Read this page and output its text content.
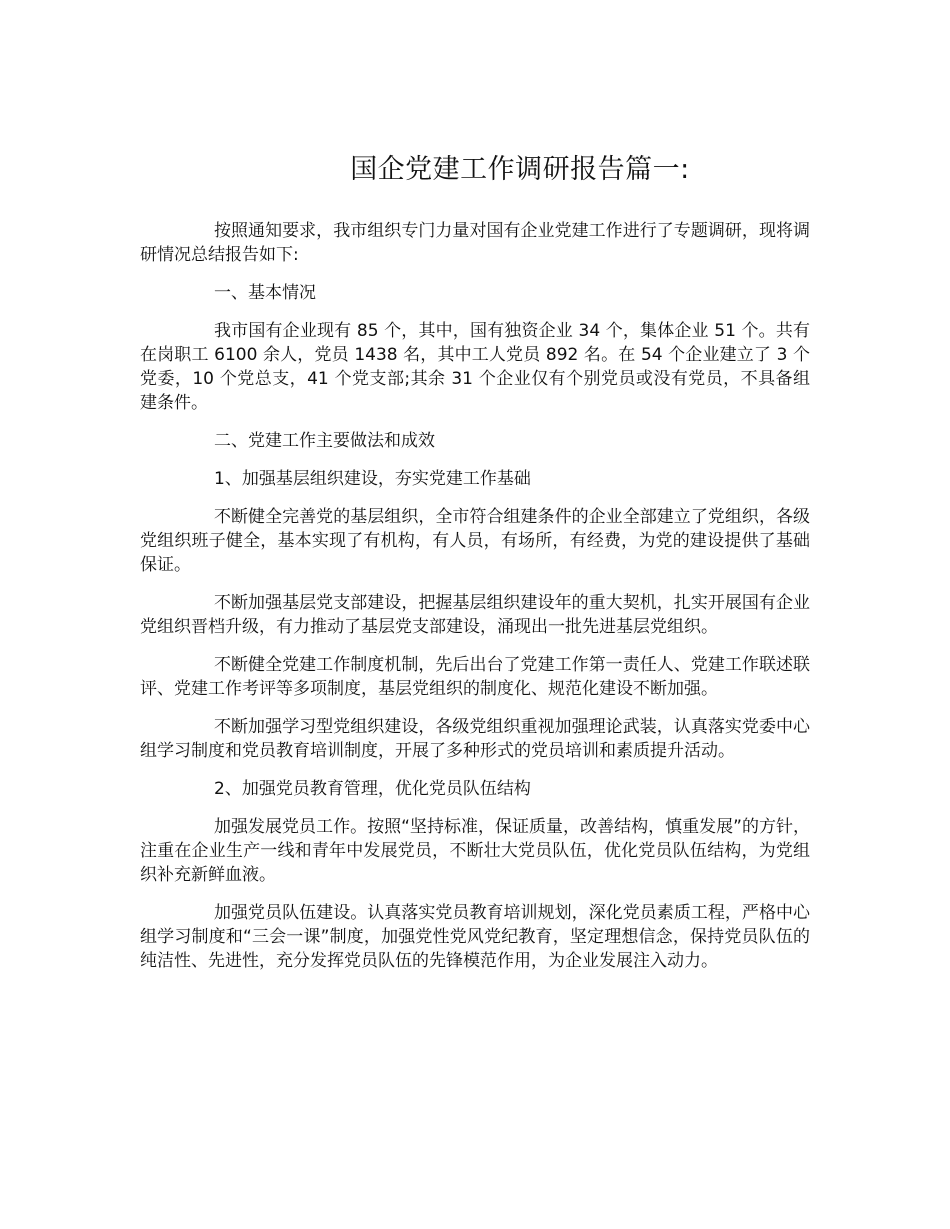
国企党建工作调研报告篇一:

按照通知要求，我市组织专门力量对国有企业党建工作进行了专题调研，现将调研情况总结报告如下:

一、基本情况

我市国有企业现有 85 个，其中，国有独资企业 34 个，集体企业 51 个。共有在岗职工 6100 余人，党员 1438 名，其中工人党员 892 名。在 54 个企业建立了 3 个党委，10 个党总支，41 个党支部;其余 31 个企业仅有个别党员或没有党员，不具备组建条件。

二、党建工作主要做法和成效

1、加强基层组织建设，夯实党建工作基础

不断健全完善党的基层组织，全市符合组建条件的企业全部建立了党组织，各级党组织班子健全，基本实现了有机构，有人员，有场所，有经费，为党的建设提供了基础保证。

不断加强基层党支部建设，把握基层组织建设年的重大契机，扎实开展国有企业党组织晋档升级，有力推动了基层党支部建设，涌现出一批先进基层党组织。

不断健全党建工作制度机制，先后出台了党建工作第一责任人、党建工作联述联评、党建工作考评等多项制度，基层党组织的制度化、规范化建设不断加强。

不断加强学习型党组织建设，各级党组织重视加强理论武装，认真落实党委中心组学习制度和党员教育培训制度，开展了多种形式的党员培训和素质提升活动。

2、加强党员教育管理，优化党员队伍结构

加强发展党员工作。按照“坚持标准，保证质量，改善结构，慎重发展”的方针，注重在企业生产一线和青年中发展党员，不断壮大党员队伍，优化党员队伍结构，为党组织补充新鲜血液。

加强党员队伍建设。认真落实党员教育培训规划，深化党员素质工程，严格中心组学习制度和“三会一课”制度，加强党性党风党纪教育，坚定理想信念，保持党员队伍的纯洁性、先进性，充分发挥党员队伍的先锋模范作用，为企业发展注入动力。
